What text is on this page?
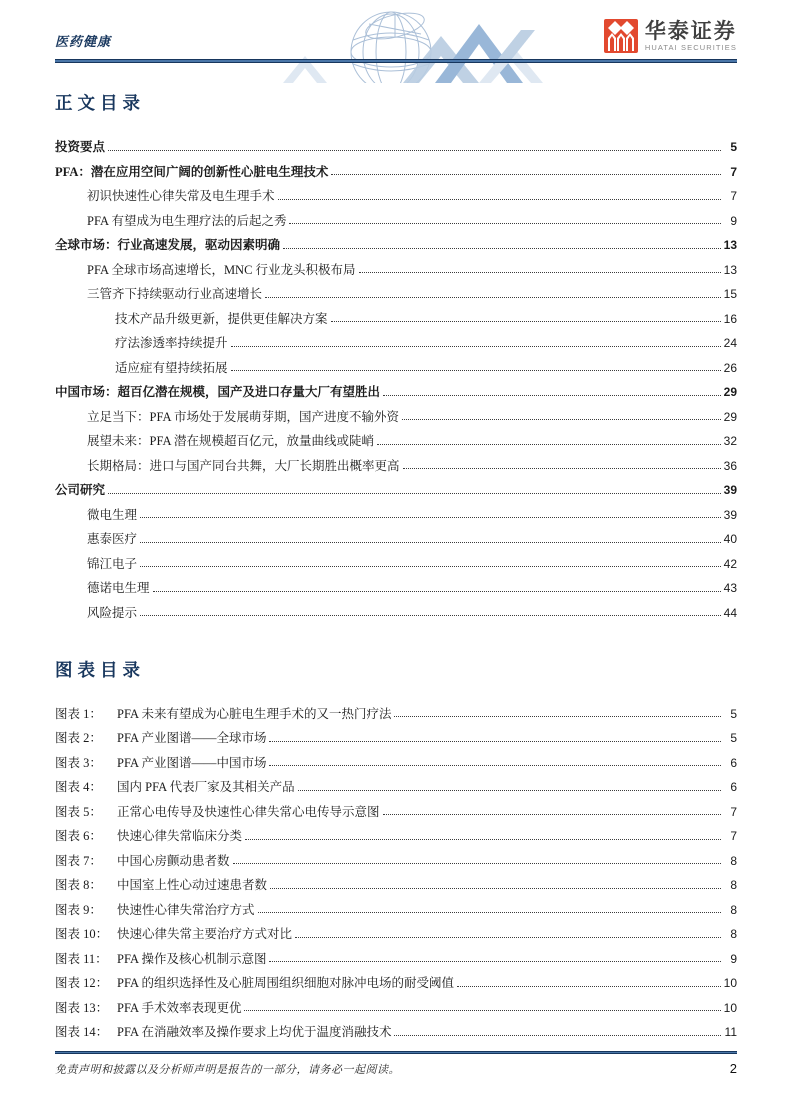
医药健康	华泰证券
HUATAI SECURITIES
正文目录
投资要点	5
PFA：潜在应用空间广阔的创新性心脏电生理技术	7
初识快速性心律失常及电生理手术	7
PFA 有望成为电生理疗法的后起之秀	9
全球市场：行业高速发展，驱动因素明确	13
PFA 全球市场高速增长，MNC 行业龙头积极布局	13
三管齐下持续驱动行业高速增长	15
技术产品升级更新，提供更佳解决方案	16
疗法渗透率持续提升	24
适应症有望持续拓展	26
中国市场：超百亿潜在规模，国产及进口存量大厂有望胜出	29
立足当下：PFA 市场处于发展萌芽期，国产进度不输外资	29
展望未来：PFA 潜在规模超百亿元，放量曲线或陡峭	32
长期格局：进口与国产同台共舞，大厂长期胜出概率更高	36
公司研究	39
微电生理	39
惠泰医疗	40
锦江电子	42
德诺电生理	43
风险提示	44
图表目录
图表 1：	PFA 未来有望成为心脏电生理手术的又一热门疗法	5
图表 2：	PFA 产业图谱——全球市场	5
图表 3：	PFA 产业图谱——中国市场	6
图表 4：	国内 PFA 代表厂家及其相关产品	6
图表 5：	正常心电传导及快速性心律失常心电传导示意图	7
图表 6：	快速心律失常临床分类	7
图表 7：	中国心房颤动患者数	8
图表 8：	中国室上性心动过速患者数	8
图表 9：	快速性心律失常治疗方式	8
图表 10： 快速心律失常主要治疗方式对比	8
图表 11： PFA 操作及核心机制示意图	9
图表 12： PFA 的组织选择性及心脏周围组织细胞对脉冲电场的耐受阈值	10
图表 13： PFA 手术效率表现更优	10
图表 14： PFA 在消融效率及操作要求上均优于温度消融技术	11
免责声明和披露以及分析师声明是报告的一部分，请务必一起阅读。	2
